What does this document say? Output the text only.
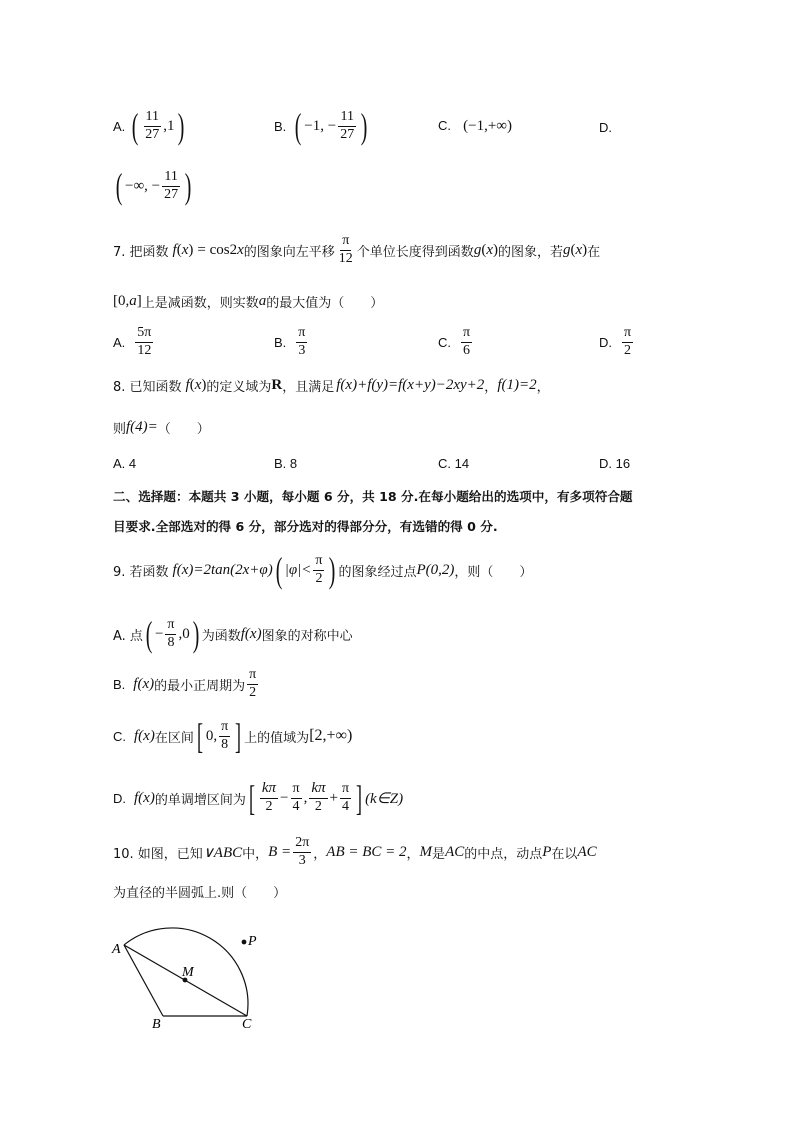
A. ( $\frac{11}{27} ,1$ )	B. ( −1, − $\frac{11}{27}$ )	C. (−1,+∞)	D.
( −∞, − $\frac{11}{27}$ )
7. 把函数 f ( x ) = cos2 x 的图象向左平移 $\frac{\pi}{12}$ 个单位长度得到函数 g ( x ) 的图象，若 g ( x ) 在
[0, a ] 上是减函数，则实数 a 的最大值为（　　）
A. $\frac{5\pi}{12}$	B. $\frac{\pi}{3}$	C. $\frac{\pi}{6}$	D. $\frac{\pi}{2}$
8. 已知函数 f ( x ) 的定义域为 R ，且满足 f(x)+f(y)=f(x+y)−2xy+2 ， f(1)=2 ，
则 f(4)= （　　）
A. 4	B. 8	C. 14	D. 16
二、选择题：本题共 3 小题，每小题 6 分，共 18 分.在每小题给出的选项中，有多项符合题
目要求.全部选对的得 6 分，部分选对的得部分分，有选错的得 0 分.
9. 若函数 f(x)=2tan(2x+φ) ( $|\varphi|< \frac{\pi}{2}$ ) 的图象经过点 P(0,2) ，则（　　）
A. 点 ( − $\frac{\pi}{8} ,0$ ) 为函数 f(x) 图象的对称中心
B. f(x) 的最小正周期为 $\frac{\pi}{2}$
C. f(x) 在区间 [ 0, $\frac{\pi}{8}$ ] 上的值域为 [2,+∞)
D. f(x) 的单调增区间为 [ $\frac{k\pi}{2} - \frac{\pi}{4}$ , $\frac{k\pi}{2} + \frac{\pi}{4}$ ] (k∈Z)
10. 如图，已知 ∨ABC 中， $B = \frac{2\pi}{3}$ ， AB = BC = 2 ， M 是 AC 的中点，动点 P 在以 AC
为直径的半圆弧上.则（　　）
A
B	C
M
P
